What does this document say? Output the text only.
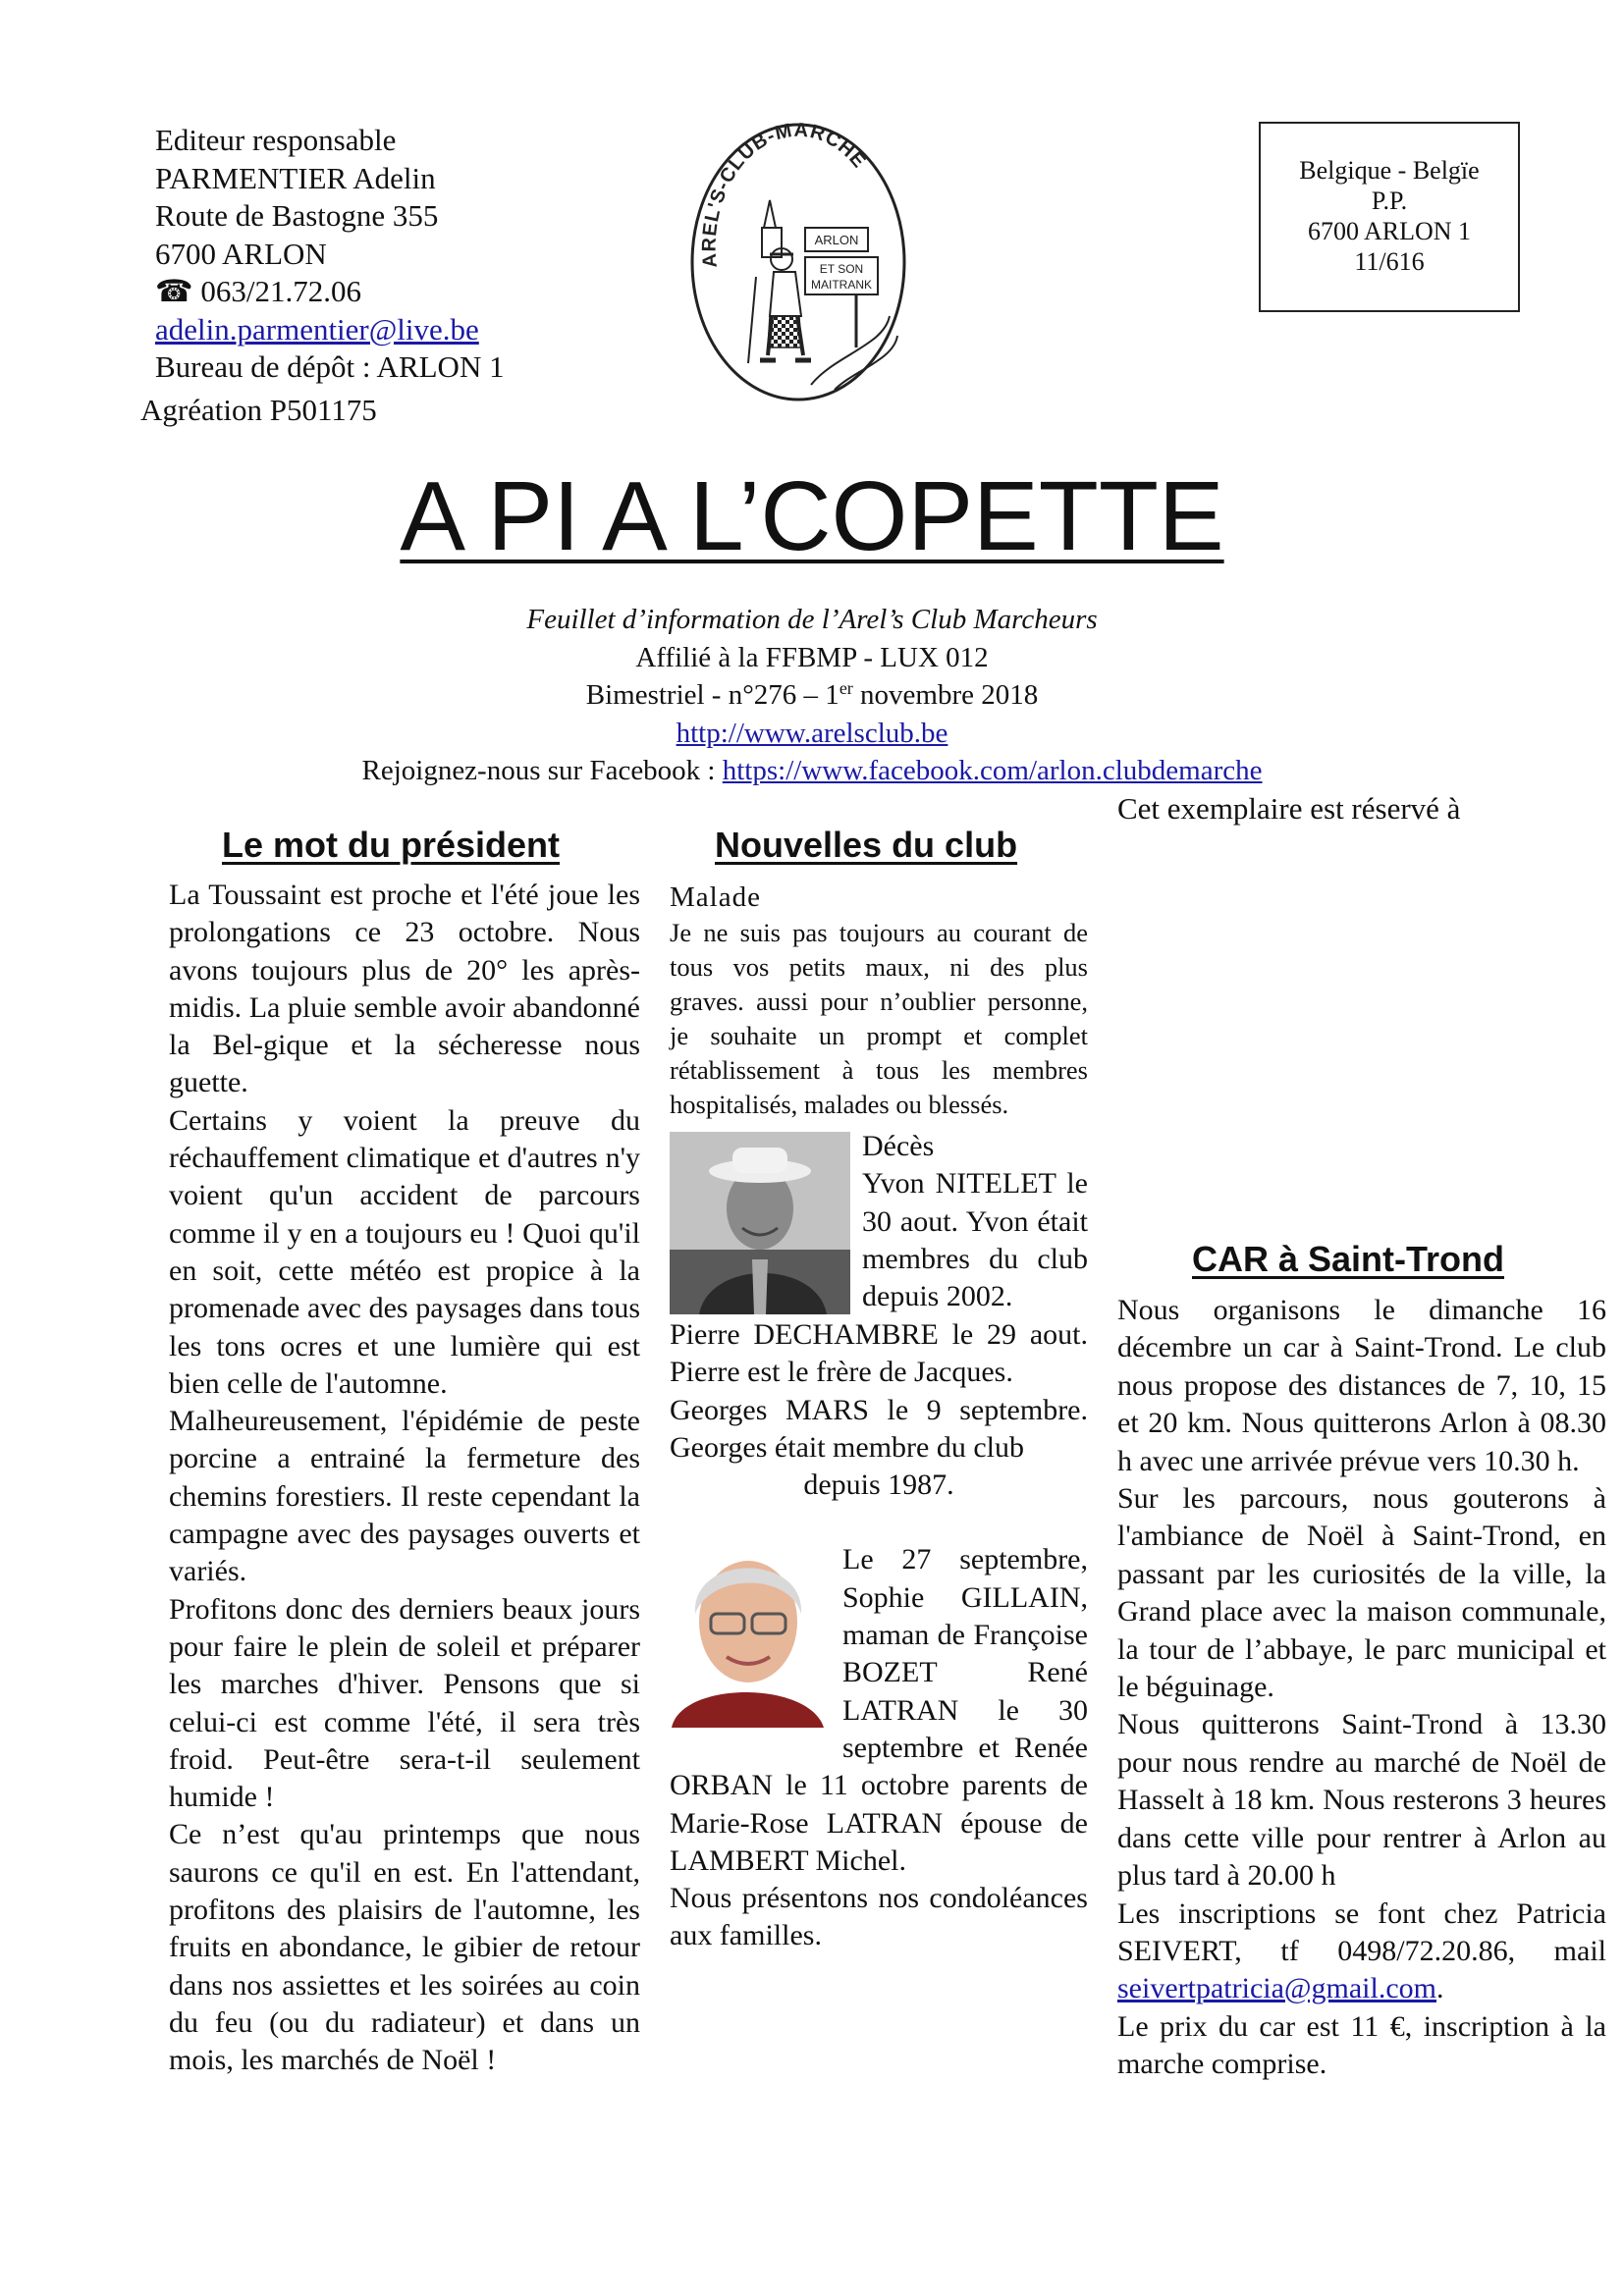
Editeur responsable
PARMENTIER Adelin
Route de Bastogne 355
6700 ARLON
☎ 063/21.72.06
adelin.parmentier@live.be
Bureau de dépôt : ARLON 1
Agréation P501175
AREL'S-CLUB-MARCHE
ARLON
ET SON
MAITRANK
Belgique - Belgïe
P.P.
6700 ARLON 1
11/616
A PI A L’COPETTE
Feuillet d’information de l’Arel’s Club Marcheurs
Affilié à la FFBMP - LUX 012
Bimestriel - n°276 – 1er novembre 2018
http://www.arelsclub.be
Rejoignez-nous sur Facebook : https://www.facebook.com/arlon.clubdemarche
Cet exemplaire est réservé à
Le mot du président

La Toussaint est proche et l'été joue les prolongations ce 23 octobre. Nous avons toujours plus de 20° les après-midis. La pluie semble avoir abandonné la Bel-gique et la sécheresse nous guette.

Certains y voient la preuve du réchauffement climatique et d'autres n'y voient qu'un accident de parcours comme il y en a toujours eu ! Quoi qu'il en soit, cette météo est propice à la promenade avec des paysages dans tous les tons ocres et une lumière qui est bien celle de l'automne.

Malheureusement, l'épidémie de peste porcine a entrainé la fermeture des chemins forestiers. Il reste cependant la campagne avec des paysages ouverts et variés.

Profitons donc des derniers beaux jours pour faire le plein de soleil et préparer les marches d'hiver. Pensons que si celui-ci est comme l'été, il sera très froid. Peut-être sera-t-il seulement humide !

Ce n’est qu'au printemps que nous saurons ce qu'il en est. En l'attendant, profitons des plaisirs de l'automne, les fruits en abondance, le gibier de retour dans nos assiettes et les soirées au coin du feu (ou du radiateur) et dans un mois, les marchés de Noël !

Nouvelles du club
Malade

Je ne suis pas toujours au courant de tous vos petits maux, ni des plus graves. aussi pour n’oublier personne, je souhaite un prompt et complet rétablissement à tous les membres hospitalisés, malades ou blessés.

Décès

Yvon NITELET le 30 aout. Yvon était membres du club depuis 2002.

Pierre DECHAMBRE le 29 aout. Pierre est le frère de Jacques.

Georges MARS le 9 septembre. Georges était membre du club

depuis 1987.

Le 27 septembre, Sophie GILLAIN, maman de Françoise BOZET René LATRAN le 30 septembre et Renée ORBAN le 11 octobre parents de Marie-Rose LATRAN épouse de LAMBERT Michel.

Nous présentons nos condoléances aux familles.

CAR à Saint-Trond

Nous organisons le dimanche 16 décembre un car à Saint-Trond. Le club nous propose des distances de 7, 10, 15 et 20 km. Nous quitterons Arlon à 08.30 h avec une arrivée prévue vers 10.30 h.

Sur les parcours, nous gouterons à l'ambiance de Noël à Saint-Trond, en passant par les curiosités de la ville, la Grand place avec la maison communale, la tour de l’abbaye, le parc municipal et le béguinage.

Nous quitterons Saint-Trond à 13.30 pour nous rendre au marché de Noël de Hasselt à 18 km. Nous resterons 3 heures dans cette ville pour rentrer à Arlon au plus tard à 20.00 h

Les inscriptions se font chez Patricia SEIVERT, tf 0498/72.20.86, mail seivertpatricia@gmail.com.

Le prix du car est 11 €, inscription à la marche comprise.
